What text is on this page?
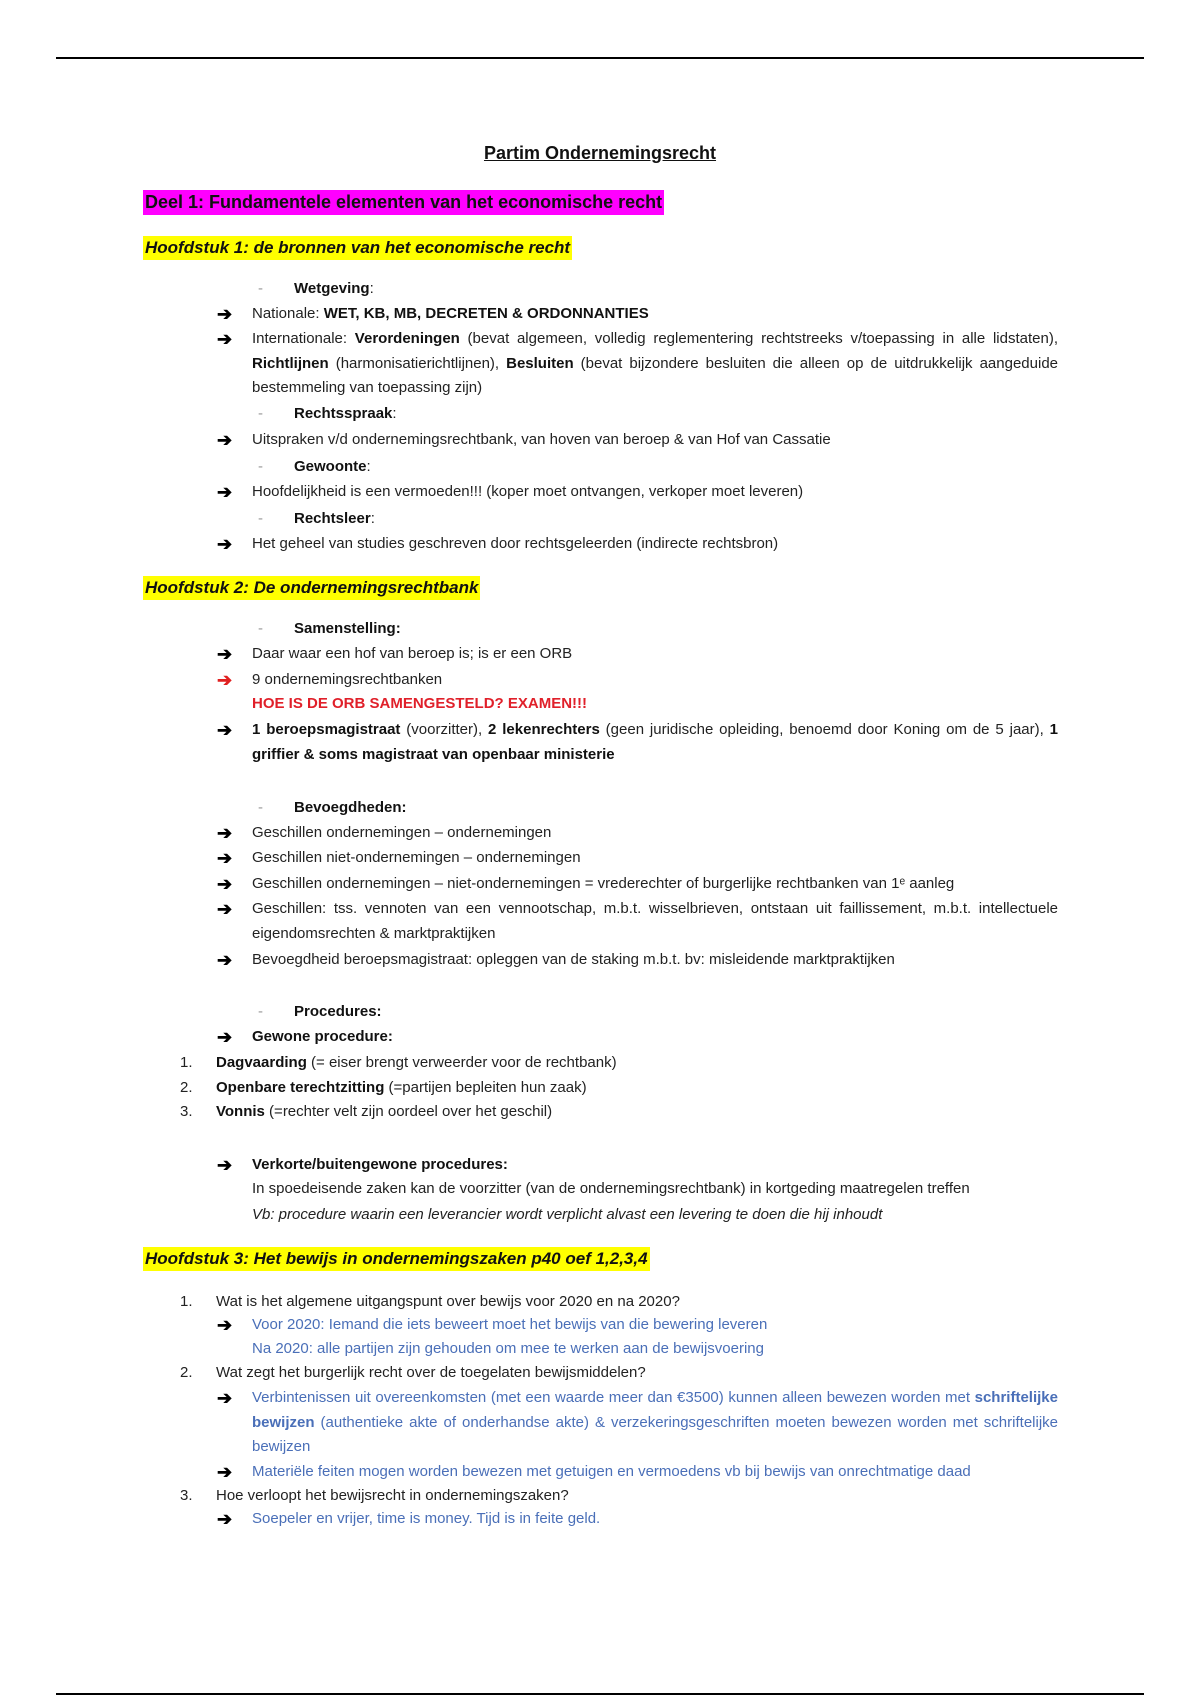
Partim Ondernemingsrecht
Deel 1: Fundamentele elementen van het economische recht
Hoofdstuk 1: de bronnen van het economische recht
- Wetgeving:
➔ Nationale: WET, KB, MB, DECRETEN & ORDONNANTIES
➔ Internationale: Verordeningen (bevat algemeen, volledig reglementering rechtstreeks v/toepassing in alle lidstaten), Richtlijnen (harmonisatierichtlijnen), Besluiten (bevat bijzondere besluiten die alleen op de uitdrukkelijk aangeduide bestemmeling van toepassing zijn)
- Rechtsspraak:
➔ Uitspraken v/d ondernemingsrechtbank, van hoven van beroep & van Hof van Cassatie
- Gewoonte:
➔ Hoofdelijkheid is een vermoeden!!! (koper moet ontvangen, verkoper moet leveren)
- Rechtsleer:
➔ Het geheel van studies geschreven door rechtsgeleerden (indirecte rechtsbron)
Hoofdstuk 2: De ondernemingsrechtbank
- Samenstelling:
➔ Daar waar een hof van beroep is; is er een ORB
➔ 9 ondernemingsrechtbanken
HOE IS DE ORB SAMENGESTELD? EXAMEN!!!
➔ 1 beroepsmagistraat (voorzitter), 2 lekenrechters (geen juridische opleiding, benoemd door Koning om de 5 jaar), 1 griffier & soms magistraat van openbaar ministerie
- Bevoegdheden:
➔ Geschillen ondernemingen – ondernemingen
➔ Geschillen niet-ondernemingen – ondernemingen
➔ Geschillen ondernemingen – niet-ondernemingen = vrederechter of burgerlijke rechtbanken van 1ᵉ aanleg
➔ Geschillen: tss. vennoten van een vennootschap, m.b.t. wisselbrieven, ontstaan uit faillissement, m.b.t. intellectuele eigendomsrechten & marktpraktijken
➔ Bevoegdheid beroepsmagistraat: opleggen van de staking m.b.t. bv: misleidende marktpraktijken
- Procedures:
➔ Gewone procedure:
1. Dagvaarding (= eiser brengt verweerder voor de rechtbank)
2. Openbare terechtzitting (=partijen bepleiten hun zaak)
3. Vonnis (=rechter velt zijn oordeel over het geschil)
➔ Verkorte/buitengewone procedures:
In spoedeisende zaken kan de voorzitter (van de ondernemingsrechtbank) in kortgeding maatregelen treffen
Vb: procedure waarin een leverancier wordt verplicht alvast een levering te doen die hij inhoudt
Hoofdstuk 3: Het bewijs in ondernemingszaken p40 oef 1,2,3,4
1. Wat is het algemene uitgangspunt over bewijs voor 2020 en na 2020?
➔ Voor 2020: Iemand die iets beweert moet het bewijs van die bewering leveren
Na 2020: alle partijen zijn gehouden om mee te werken aan de bewijsvoering
2. Wat zegt het burgerlijk recht over de toegelaten bewijsmiddelen?
➔ Verbintenissen uit overeenkomsten (met een waarde meer dan €3500) kunnen alleen bewezen worden met schriftelijke bewijzen (authentieke akte of onderhandse akte) & verzekeringsgeschriften moeten bewezen worden met schriftelijke bewijzen
➔ Materiële feiten mogen worden bewezen met getuigen en vermoedens vb bij bewijs van onrechtmatige daad
3. Hoe verloopt het bewijsrecht in ondernemingszaken?
➔ Soepeler en vrijer, time is money. Tijd is in feite geld.
